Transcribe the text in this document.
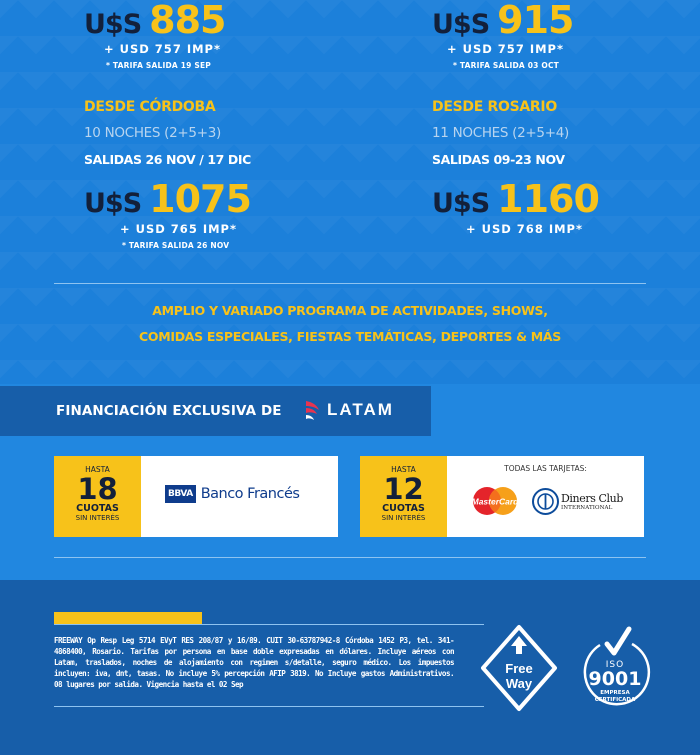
U$S 885
+ USD 757 IMP*
* TARIFA SALIDA 19 SEP
U$S 915
+ USD 757 IMP*
* TARIFA SALIDA 03 OCT
DESDE CÓRDOBA
10 NOCHES (2+5+3)
SALIDAS 26 NOV / 17 DIC
U$S 1075
+ USD 765 IMP*
* TARIFA SALIDA 26 NOV
DESDE ROSARIO
11 NOCHES (2+5+4)
SALIDAS 09-23 NOV
U$S 1160
+ USD 768 IMP*
AMPLIO Y VARIADO PROGRAMA DE ACTIVIDADES, SHOWS,
COMIDAS ESPECIALES, FIESTAS TEMÁTICAS, DEPORTES & MÁS
FINANCIACIÓN EXCLUSIVA DE	LATAM
HASTA
18
CUOTAS
SIN INTERÉS
BBVA Banco Francés
HASTA
12
CUOTAS
SIN INTERÉS
TODAS LAS TARJETAS:
MasterCard	Diners Club
INTERNATIONAL
FREEWAY Op Resp Leg 5714 EVyT RES 208/87 y 16/89. CUIT 30-63787942-8 Córdoba 1452 P3, tel. 341-4868400, Rosario. Tarifas por persona en base doble expresadas en dólares. Incluye aéreos con Latam, traslados, noches de alojamiento con regimen s/detalle, seguro médico. Los impuestos incluyen: iva, dnt, tasas. No incluye 5% percepción AFIP 3819. No Incluye gastos Administrativos. 08 lugares por salida. Vigencia hasta el 02 Sep
Free
Way
ISO
9001
EMPRESA
CERTIFICADA
